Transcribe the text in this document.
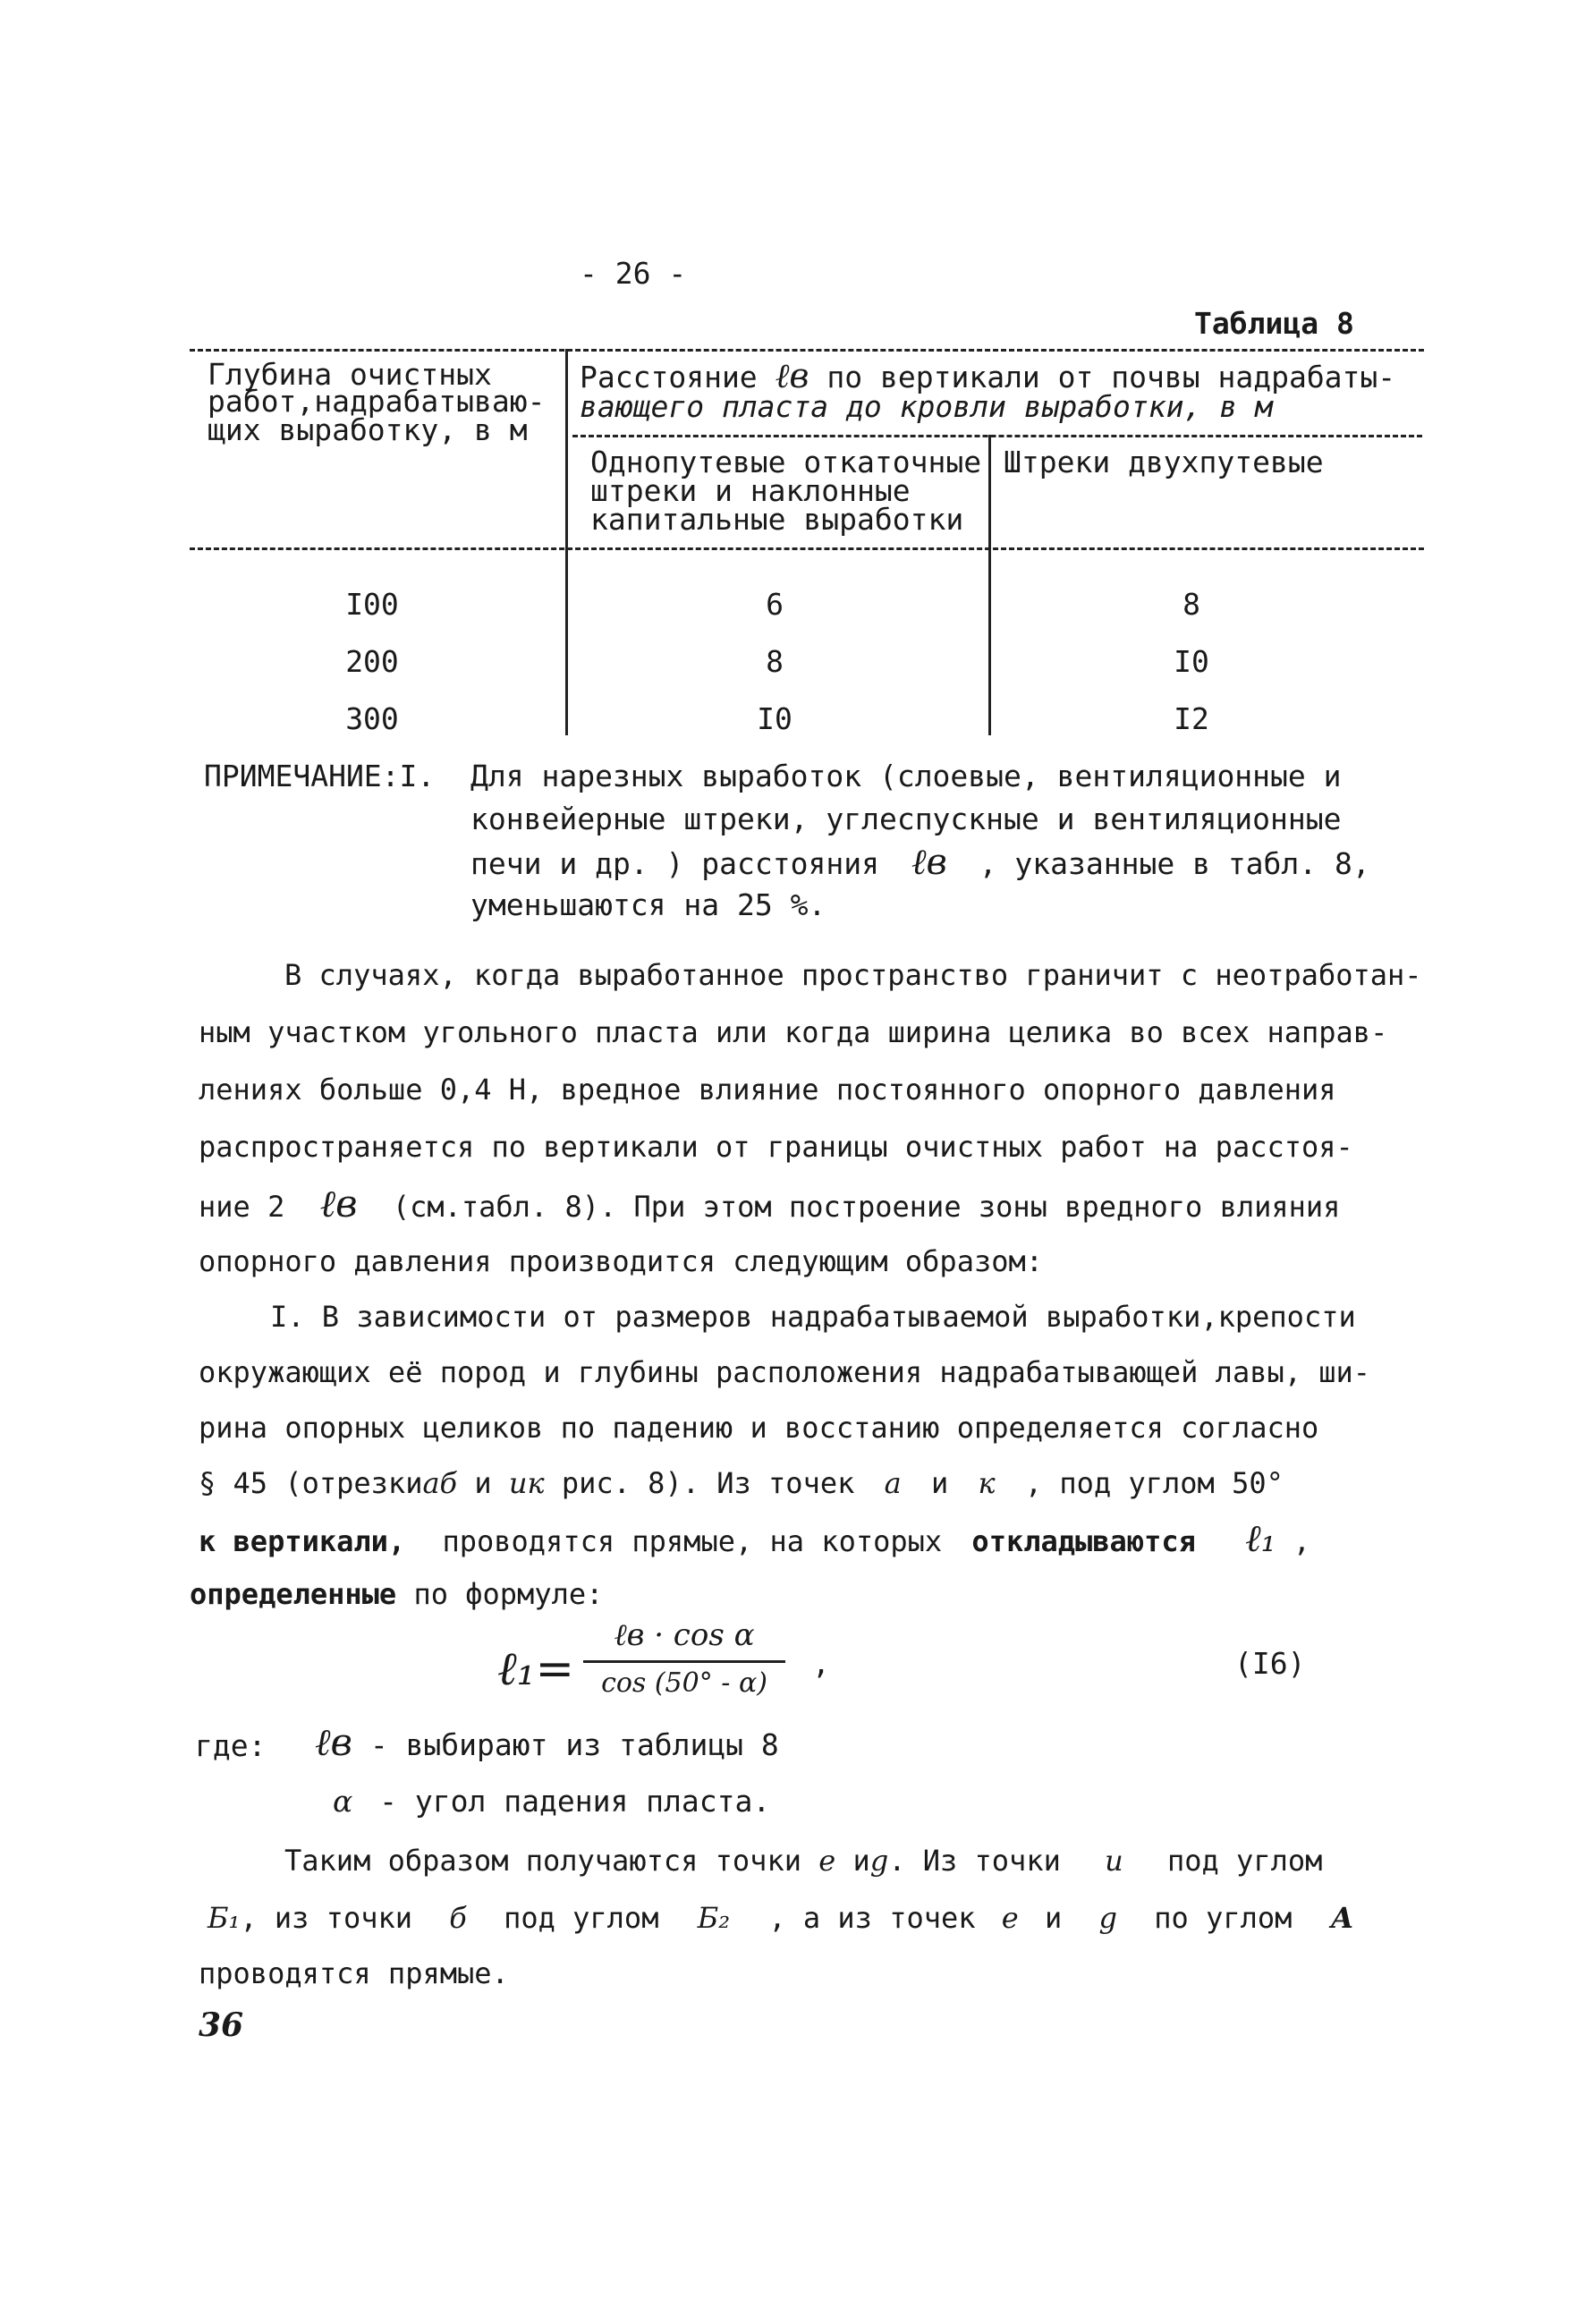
- 26 -
Таблица 8
Глубина очистных
работ,надрабатываю-
щих выработку, в м
Расстояние ℓв по вертикали от почвы надрабаты-
вающего пласта до кровли выработки, в м
Однопутевые откаточные
штреки и наклонные
капитальные выработки
Штреки двухпутевые
I00	6	8
200	8	I0
300	I0	I2
ПРИМЕЧАНИЕ:I. Для нарезных выработок (слоевые, вентиляционные и
конвейерные штреки, углеспускные и вентиляционные
печи и др. ) расстояния ℓв , указанные в табл. 8,
уменьшаются на 25 %.
В случаях, когда выработанное пространство граничит с неотработан-
ным участком угольного пласта или когда ширина целика во всех направ-
лениях больше 0,4 Н, вредное влияние постоянного опорного давления
распространяется по вертикали от границы очистных работ на расстоя-
ние 2 ℓв (см.табл. 8). При этом построение зоны вредного влияния
опорного давления производится следующим образом:
I. В зависимости от размеров надрабатываемой выработки,крепости
окружающих её пород и глубины расположения надрабатывающей лавы, ши-
рина опорных целиков по падению и восстанию определяется согласно
§ 45 (отрезкиаб и ик рис. 8). Из точек а и к , под углом 50°
к вертикали, проводятся прямые, на которых откладываются ℓ₁ ,
определенные по формуле:
ℓ₁=
ℓв · cos α
cos (50° - α)
,	(I6)
где: ℓв - выбирают из таблицы 8
α - угол падения пласта.
Таким образом получаются точки е иg. Из точки и под углом
Б₁, из точки б под углом Б₂ , а из точек е и g по углом А
проводятся прямые.
36
